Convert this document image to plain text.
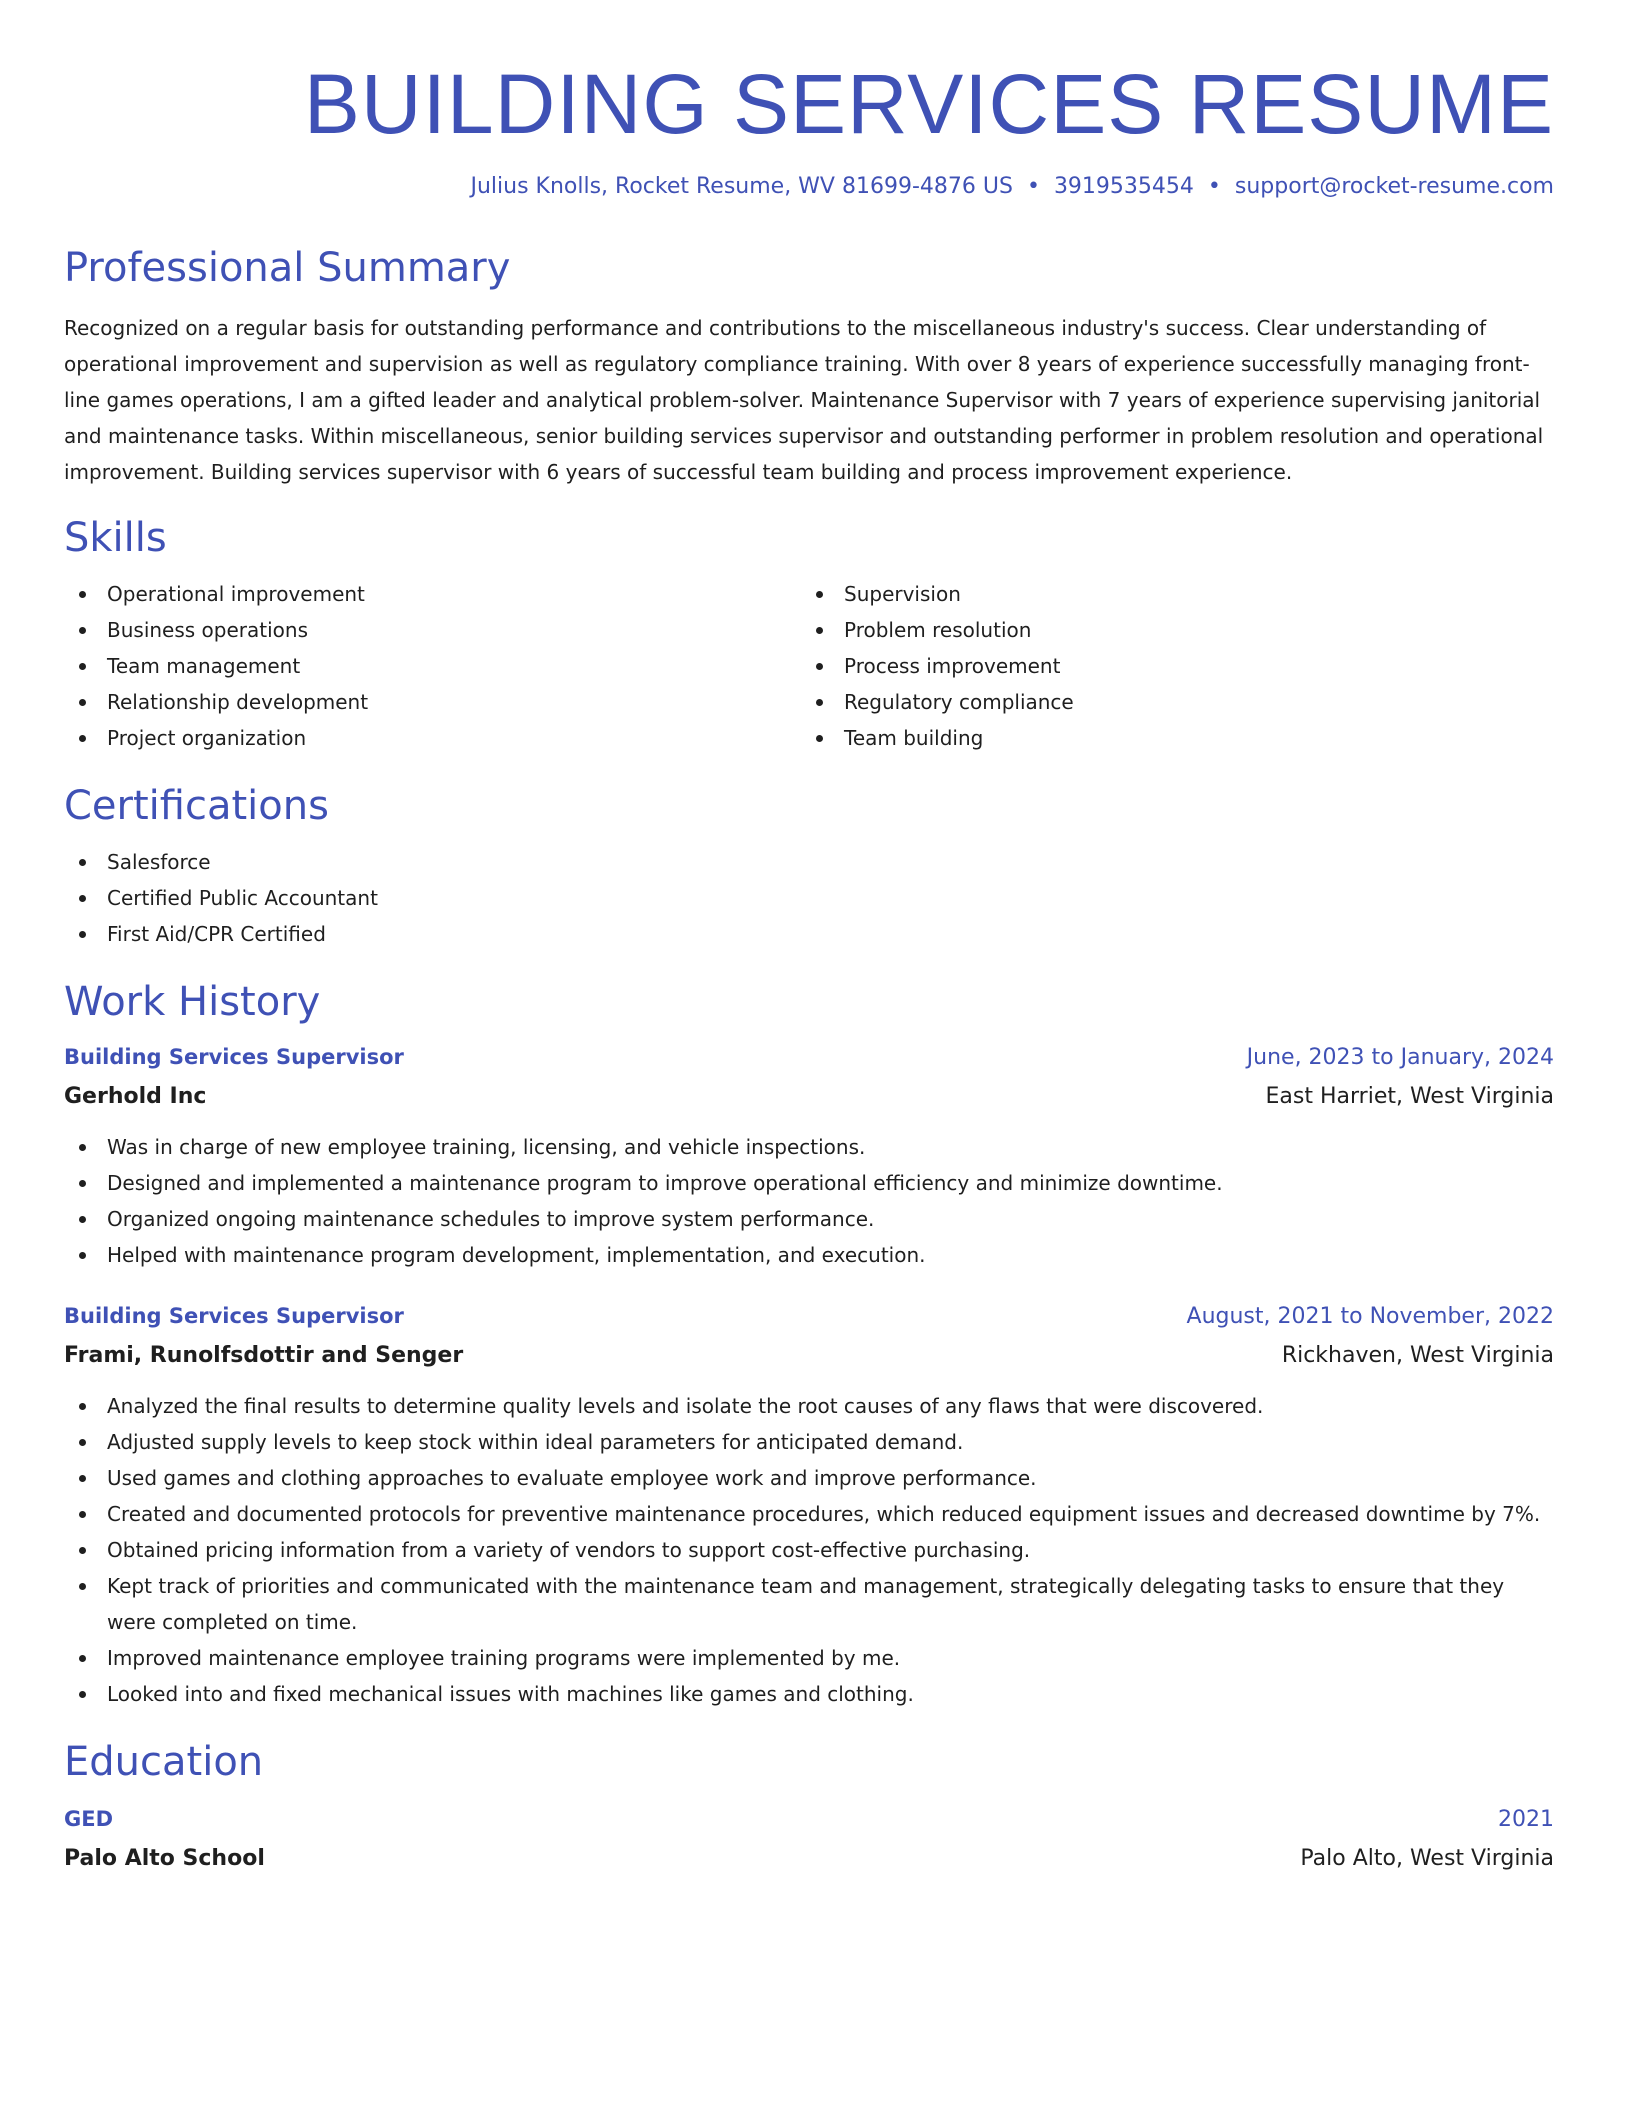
BUILDING SERVICES RESUME
Julius Knolls, Rocket Resume, WV 81699-4876 US • 3919535454 • support@rocket-resume.com
Professional Summary

Recognized on a regular basis for outstanding performance and contributions to the miscellaneous industry's success. Clear understanding of operational improvement and supervision as well as regulatory compliance training. With over 8 years of experience successfully managing front-line games operations, I am a gifted leader and analytical problem-solver. Maintenance Supervisor with 7 years of experience supervising janitorial and maintenance tasks. Within miscellaneous, senior building services supervisor and outstanding performer in problem resolution and operational improvement. Building services supervisor with 6 years of successful team building and process improvement experience.

Skills
Operational improvement
Business operations
Team management
Relationship development
Project organization
Supervision
Problem resolution
Process improvement
Regulatory compliance
Team building
Certifications
Salesforce
Certified Public Accountant
First Aid/CPR Certified
Work History
Building Services Supervisor	June, 2023 to January, 2024
Gerhold Inc	East Harriet, West Virginia
Was in charge of new employee training, licensing, and vehicle inspections.
Designed and implemented a maintenance program to improve operational efficiency and minimize downtime.
Organized ongoing maintenance schedules to improve system performance.
Helped with maintenance program development, implementation, and execution.
Building Services Supervisor	August, 2021 to November, 2022
Frami, Runolfsdottir and Senger	Rickhaven, West Virginia
Analyzed the final results to determine quality levels and isolate the root causes of any flaws that were discovered.
Adjusted supply levels to keep stock within ideal parameters for anticipated demand.
Used games and clothing approaches to evaluate employee work and improve performance.
Created and documented protocols for preventive maintenance procedures, which reduced equipment issues and decreased downtime by 7%.
Obtained pricing information from a variety of vendors to support cost-effective purchasing.
Kept track of priorities and communicated with the maintenance team and management, strategically delegating tasks to ensure that they were completed on time.
Improved maintenance employee training programs were implemented by me.
Looked into and fixed mechanical issues with machines like games and clothing.
Education
GED	2021
Palo Alto School	Palo Alto, West Virginia
